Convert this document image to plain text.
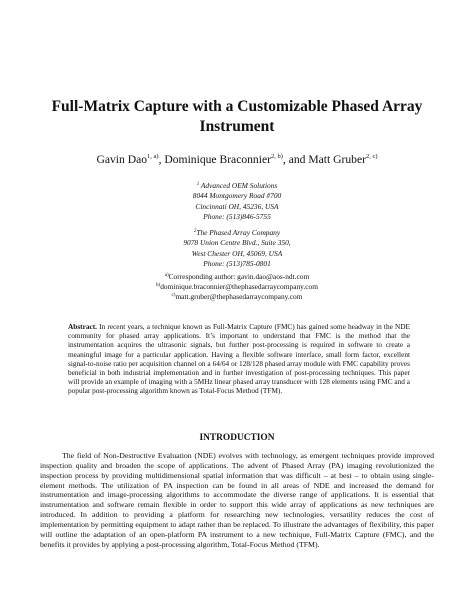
Full-Matrix Capture with a Customizable Phased Array
Instrument

Gavin Dao$^{1, a)}$, Dominique Braconnier$^{2, b)}$, and Matt Gruber$^{2, c)}$

$^1$ Advanced OEM Solutions
8044 Montgomery Road #700
Cincinnati OH, 45236, USA
Phone: (513)846-5755
$^2$The Phased Array Company
9078 Union Centre Blvd., Suite 350,
West Chester OH, 45069, USA
Phone: (513)785-0801
$^{a)}$Corresponding author: gavin.dao@aos-ndt.com
$^{b)}$dominique.braconnier@thephasedarraycompany.com
$^{c)}$matt.gruber@thephasedarraycompany.com

Abstract. In recent years, a technique known as Full-Matrix Capture (FMC) has gained some headway in the NDE community for phased array applications. It’s important to understand that FMC is the method that the instrumentation acquires the ultrasonic signals, but further post-processing is required in software to create a meaningful image for a particular application. Having a flexible software interface, small form factor, excellent signal-to-noise ratio per acquisition channel on a 64/64 or 128/128 phased array module with FMC capability proves beneficial in both industrial implementation and in further investigation of post-processing techniques. This paper will provide an example of imaging with a 5MHz linear phased array transducer with 128 elements using FMC and a popular post-processing algorithm known as Total-Focus Method (TFM).

INTRODUCTION

The field of Non-Destructive Evaluation (NDE) evolves with technology, as emergent techniques provide improved inspection quality and broaden the scope of applications. The advent of Phased Array (PA) imaging revolutionized the inspection process by providing multidimensional spatial information that was difficult – at best – to obtain using single-element methods. The utilization of PA inspection can be found in all areas of NDE and increased the demand for instrumentation and image-processing algorithms to accommodate the diverse range of applications. It is essential that instrumentation and software remain flexible in order to support this wide array of applications as new techniques are introduced. In addition to providing a platform for researching new technologies, versatility reduces the cost of implementation by permitting equipment to adapt rather than be replaced. To illustrate the advantages of flexibility, this paper will outline the adaptation of an open-platform PA instrument to a new technique, Full-Matrix Capture (FMC), and the benefits it provides by applying a post-processing algorithm, Total-Focus Method (TFM).
